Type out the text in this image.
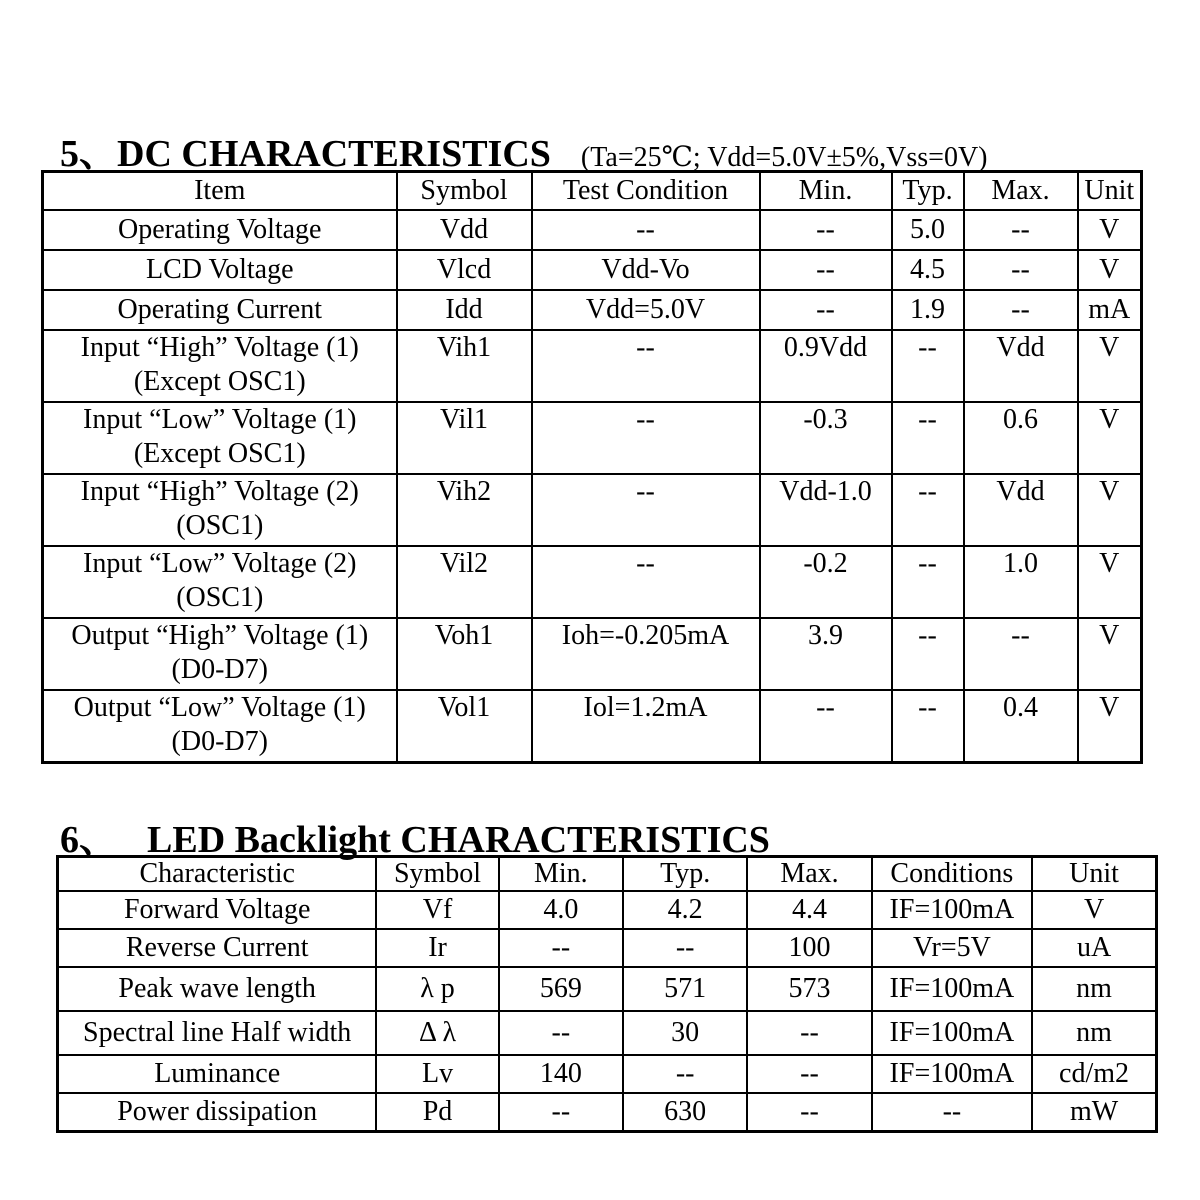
5、DC CHARACTERISTICS (Ta=25℃; Vdd=5.0V±5%,Vss=0V)
Item	Symbol	Test Condition	Min.	Typ.	Max.	Unit

Operating Voltage	Vdd	--	--	5.0	--	V

LCD Voltage	Vlcd	Vdd-Vo	--	4.5	--	V

Operating Current	Idd	Vdd=5.0V	--	1.9	--	mA

Input “High” Voltage (1)
(Except OSC1)	Vih1	--	0.9Vdd	--	Vdd	V

Input “Low” Voltage (1)
(Except OSC1)	Vil1	--	-0.3	--	0.6	V

Input “High” Voltage (2)
(OSC1)	Vih2	--	Vdd-1.0	--	Vdd	V

Input “Low” Voltage (2)
(OSC1)	Vil2	--	-0.2	--	1.0	V

Output “High” Voltage (1)
(D0-D7)	Voh1	Ioh=-0.205mA	3.9	--	--	V

Output “Low” Voltage (1)
(D0-D7)	Vol1	Iol=1.2mA	--	--	0.4	V
6、 LED Backlight CHARACTERISTICS
Characteristic	Symbol	Min.	Typ.	Max.	Conditions	Unit
Forward Voltage	Vf	4.0	4.2	4.4	IF=100mA	V
Reverse Current	Ir	--	--	100	Vr=5V	uA
Peak wave length	λ p	569	571	573	IF=100mA	nm
Spectral line Half width	Δ λ	--	30	--	IF=100mA	nm
Luminance	Lv	140	--	--	IF=100mA	cd/m2
Power dissipation	Pd	--	630	--	--	mW
